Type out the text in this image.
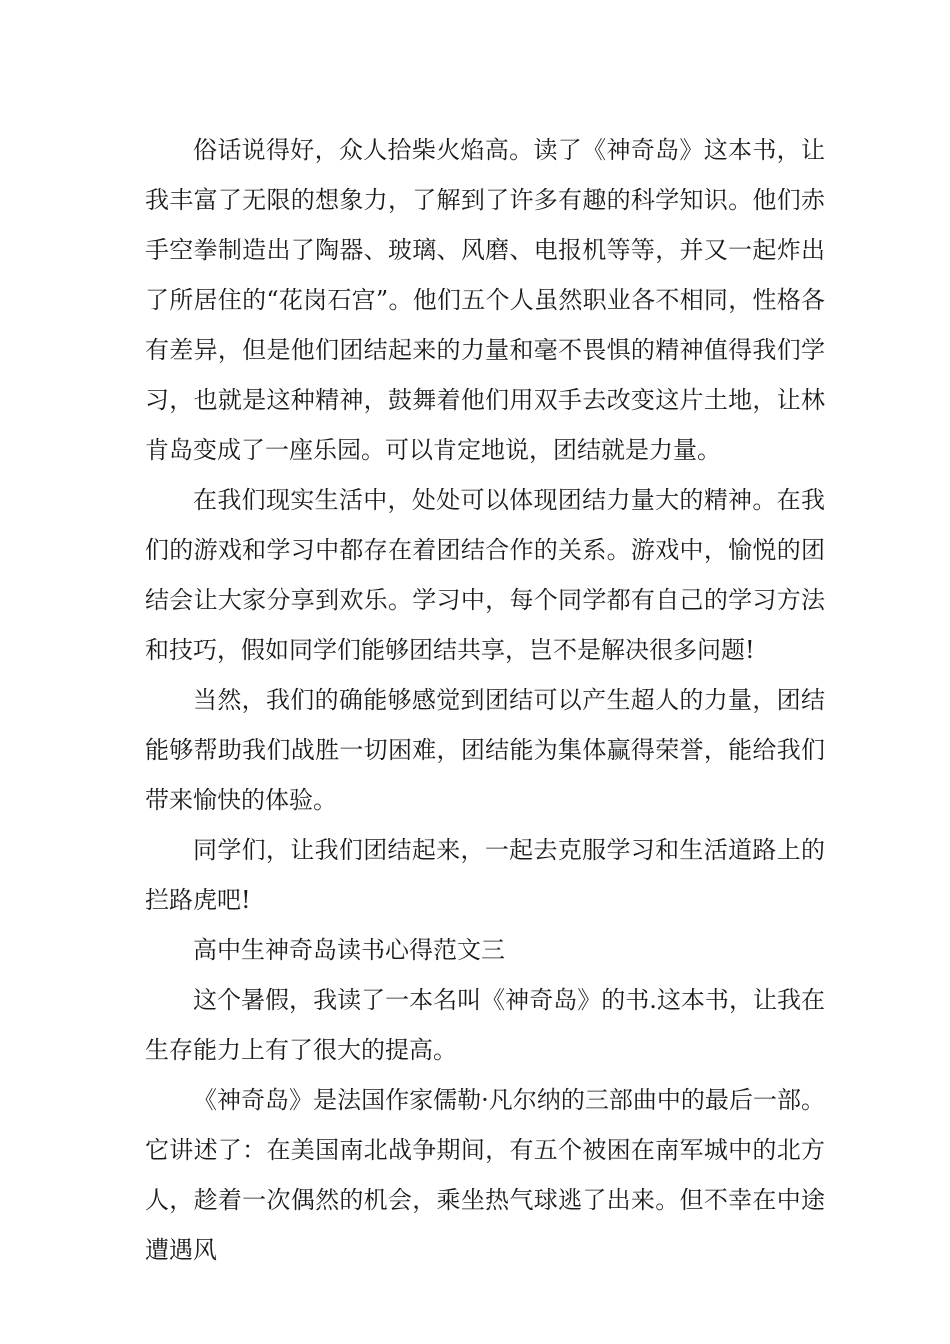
俗话说得好，众人拾柴火焰高。读了《神奇岛》这本书，让我丰富了无限的想象力，了解到了许多有趣的科学知识。他们赤手空拳制造出了陶器、玻璃、风磨、电报机等等，并又一起炸出了所居住的“花岗石宫”。他们五个人虽然职业各不相同，性格各有差异，但是他们团结起来的力量和毫不畏惧的精神值得我们学习，也就是这种精神，鼓舞着他们用双手去改变这片土地，让林肯岛变成了一座乐园。可以肯定地说，团结就是力量。

在我们现实生活中，处处可以体现团结力量大的精神。在我们的游戏和学习中都存在着团结合作的关系。游戏中，愉悦的团结会让大家分享到欢乐。学习中，每个同学都有自己的学习方法和技巧，假如同学们能够团结共享，岂不是解决很多问题!

当然，我们的确能够感觉到团结可以产生超人的力量，团结能够帮助我们战胜一切困难，团结能为集体赢得荣誉，能给我们带来愉快的体验。

同学们，让我们团结起来，一起去克服学习和生活道路上的拦路虎吧!

高中生神奇岛读书心得范文三

这个暑假，我读了一本名叫《神奇岛》的书.这本书，让我在生存能力上有了很大的提高。

《神奇岛》是法国作家儒勒·凡尔纳的三部曲中的最后一部。它讲述了：在美国南北战争期间，有五个被困在南军城中的北方人，趁着一次偶然的机会，乘坐热气球逃了出来。但不幸在中途遭遇风
